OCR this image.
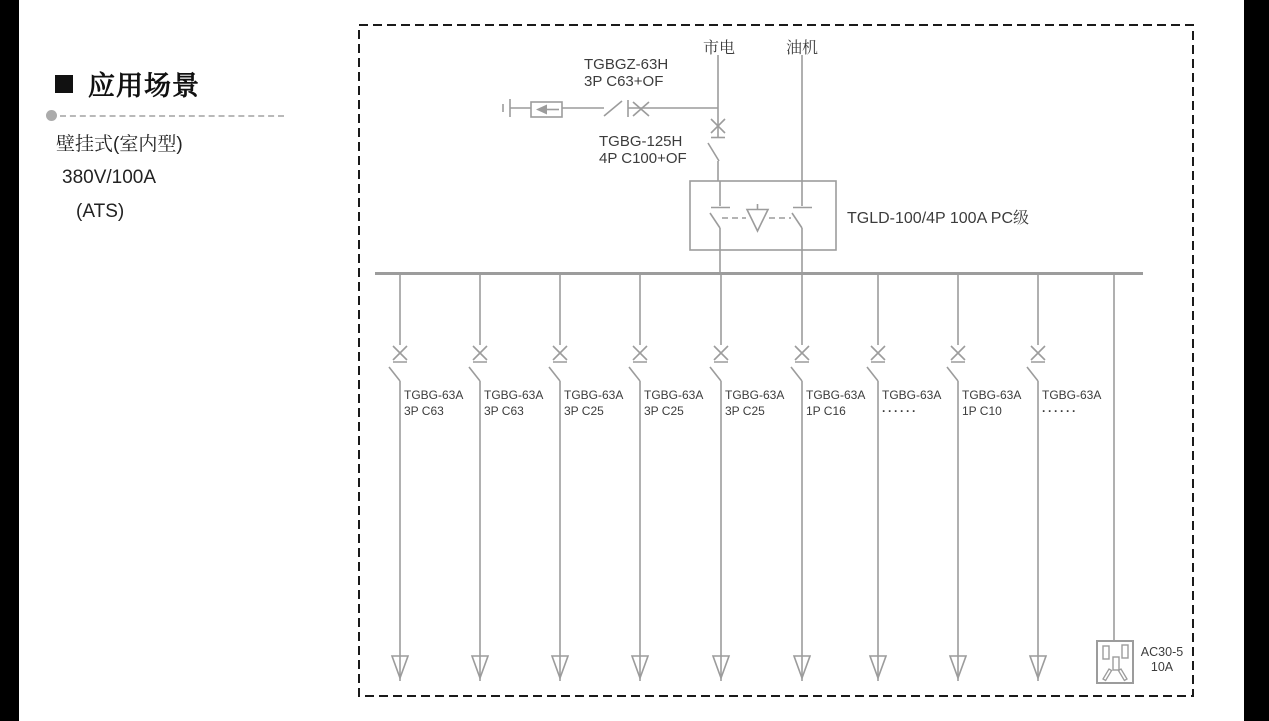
应用场景
壁挂式(室内型)
380V/100A
(ATS)
市电	油机
TGBGZ-63H
3P C63+OF
TGBG-125H
4P C100+OF
TGLD-100/4P 100A PC级
TGBG-63A
3P C63
TGBG-63A
3P C63
TGBG-63A
3P C25
TGBG-63A
3P C25
TGBG-63A
3P C25
TGBG-63A
1P C16
TGBG-63A
······
TGBG-63A
1P C10
TGBG-63A
······
AC30-5
10A
